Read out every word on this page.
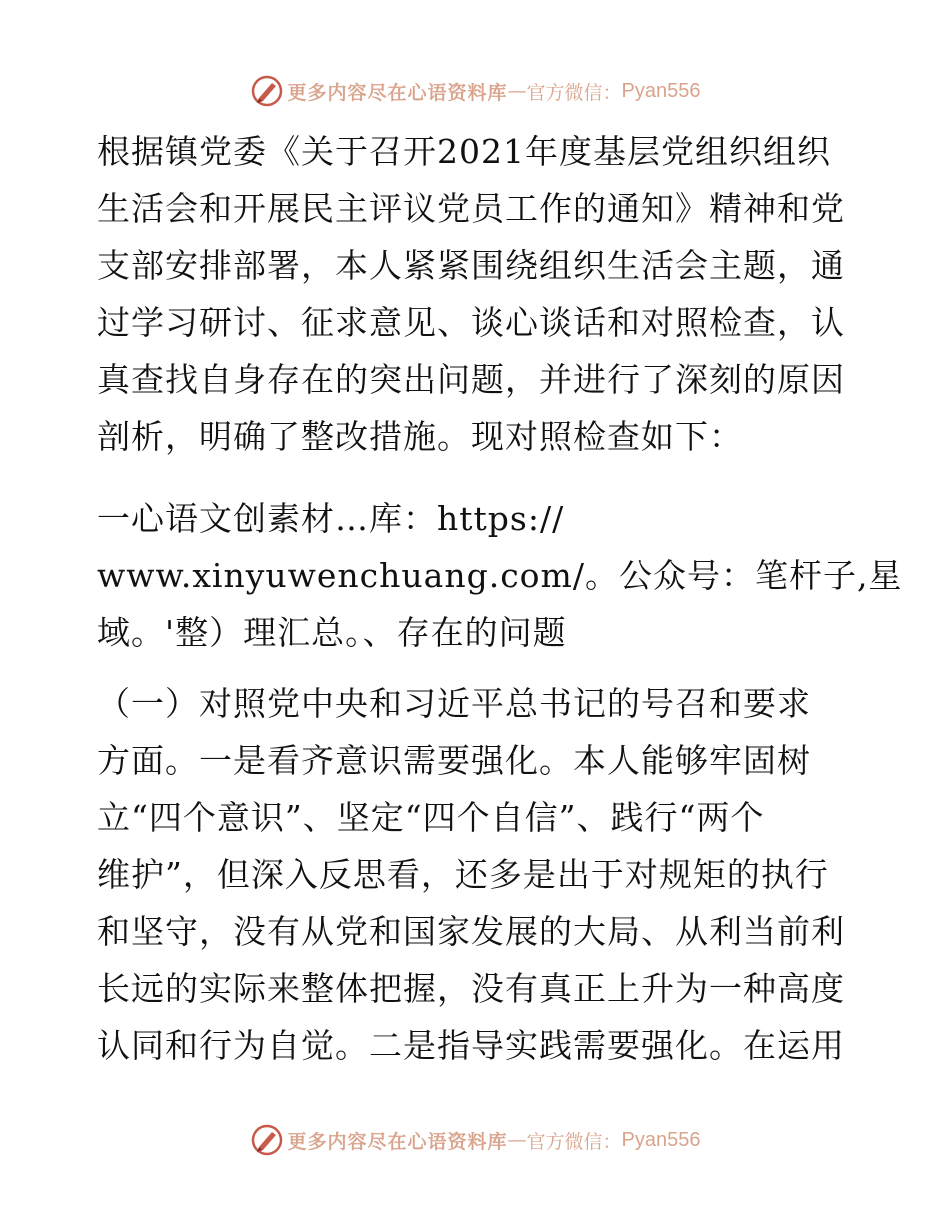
更多内容尽在心语资料库 — 官方微信： Pyan556

根据镇党委《关于召开2021年度基层党组织组织

生活会和开展民主评议党员工作的通知》精神和党

支部安排部署，本人紧紧围绕组织生活会主题，通

过学习研讨、征求意见、谈心谈话和对照检查，认

真查找自身存在的突出问题，并进行了深刻的原因

剖析，明确了整改措施。现对照检查如下：

一心语文创素材…库：https://

www.xinyuwenchuang.com/。公众号：笔杆子,星

域。'整）理汇总。、存在的问题

（一）对照党中央和习近平总书记的号召和要求

方面。一是看齐意识需要强化。本人能够牢固树

立“四个意识”、坚定“四个自信”、践行“两个

维护”，但深入反思看，还多是出于对规矩的执行

和坚守，没有从党和国家发展的大局、从利当前利

长远的实际来整体把握，没有真正上升为一种高度

认同和行为自觉。二是指导实践需要强化。在运用

更多内容尽在心语资料库 — 官方微信： Pyan556
